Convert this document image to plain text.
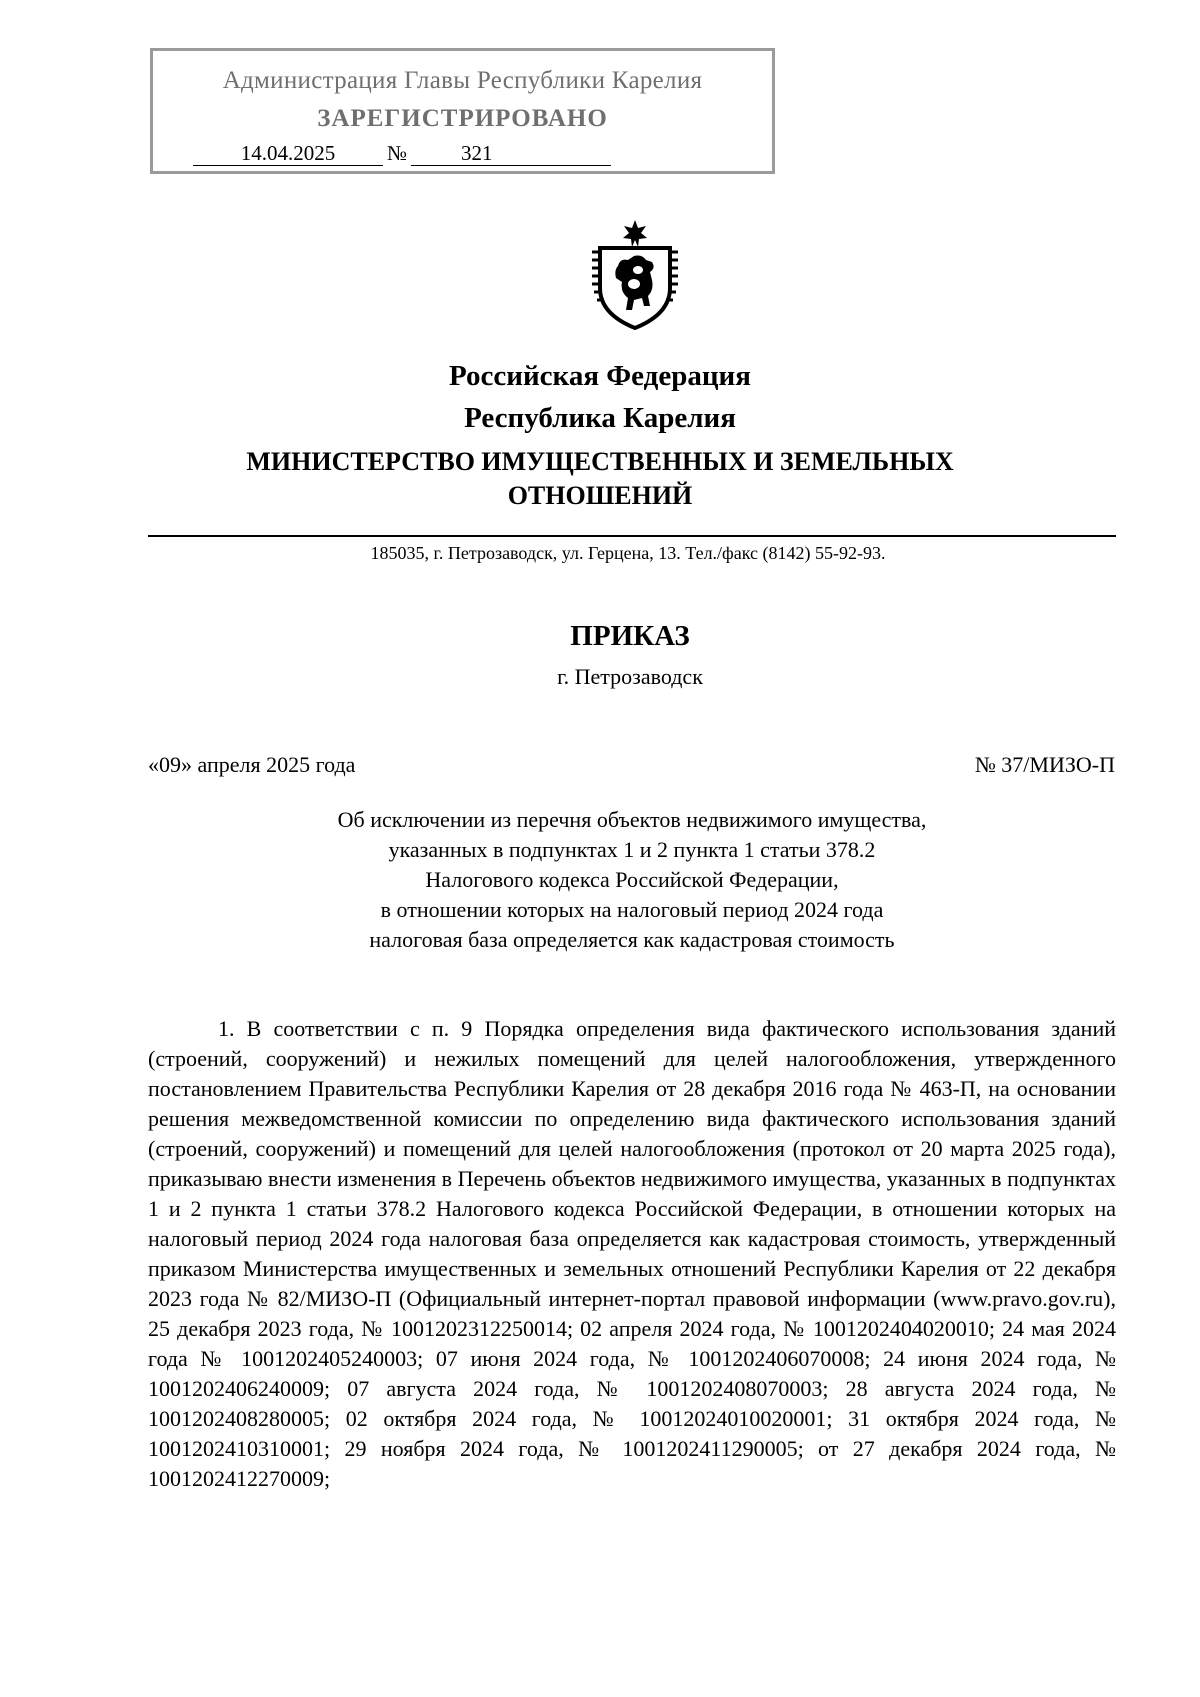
Администрация Главы Республики Карелия
ЗАРЕГИСТРИРОВАНО
14.04.2025	№	321
Российская Федерация
Республика Карелия
МИНИСТЕРСТВО ИМУЩЕСТВЕННЫХ И ЗЕМЕЛЬНЫХ
ОТНОШЕНИЙ
185035, г. Петрозаводск, ул. Герцена, 13. Тел./факс (8142) 55-92-93.
ПРИКАЗ
г. Петрозаводск
«09» апреля 2025 года	№ 37/МИЗО-П
Об исключении из перечня объектов недвижимого имущества,
указанных в подпунктах 1 и 2 пункта 1 статьи 378.2
Налогового кодекса Российской Федерации,
в отношении которых на налоговый период 2024 года
налоговая база определяется как кадастровая стоимость

1. В соответствии с п. 9 Порядка определения вида фактического использования зданий (строений, сооружений) и нежилых помещений для целей налогообложения, утвержденного постановлением Правительства Республики Карелия от 28 декабря 2016 года № 463-П, на основании решения межведомственной комиссии по определению вида фактического использования зданий (строений, сооружений) и помещений для целей налогообложения (протокол от 20 марта 2025 года), приказываю внести изменения в Перечень объектов недвижимого имущества, указанных в подпунктах 1 и 2 пункта 1 статьи 378.2 Налогового кодекса Российской Федерации, в отношении которых на налоговый период 2024 года налоговая база определяется как кадастровая стоимость, утвержденный приказом Министерства имущественных и земельных отношений Республики Карелия от 22 декабря 2023 года № 82/МИЗО-П (Официальный интернет-портал правовой информации (www.pravo.gov.ru), 25 декабря 2023 года, № 1001202312250014; 02 апреля 2024 года, № 1001202404020010; 24 мая 2024 года № 1001202405240003; 07 июня 2024 года, № 1001202406070008; 24 июня 2024 года, № 1001202406240009; 07 августа 2024 года, № 1001202408070003; 28 августа 2024 года, № 1001202408280005; 02 октября 2024 года, № 10012024010020001; 31 октября 2024 года, № 1001202410310001; 29 ноября 2024 года, № 1001202411290005; от 27 декабря 2024 года, № 1001202412270009;
